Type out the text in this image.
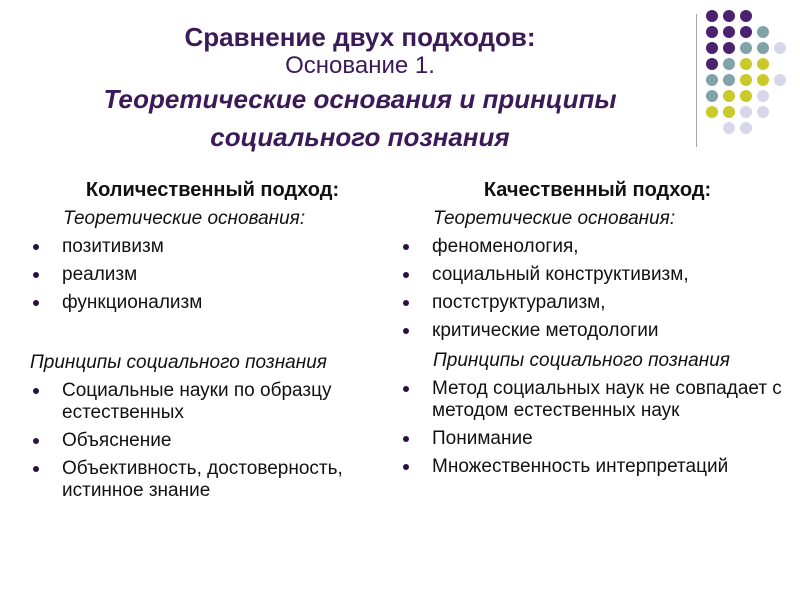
Сравнение двух подходов:
Основание 1.
Теоретические основания и принципы
социального познания
Количественный подход:
Теоретические основания:
позитивизм
реализм
функционализм
Принципы социального познания
Социальные науки по образцу естественных
Объяснение
Объективность, достоверность, истинное знание
Качественный подход:
Теоретические основания:
феноменология,
социальный конструктивизм,
постструктурализм,
критические методологии
Принципы социального познания
Метод социальных наук не совпадает с методом естественных наук
Понимание
Множественность интерпретаций
